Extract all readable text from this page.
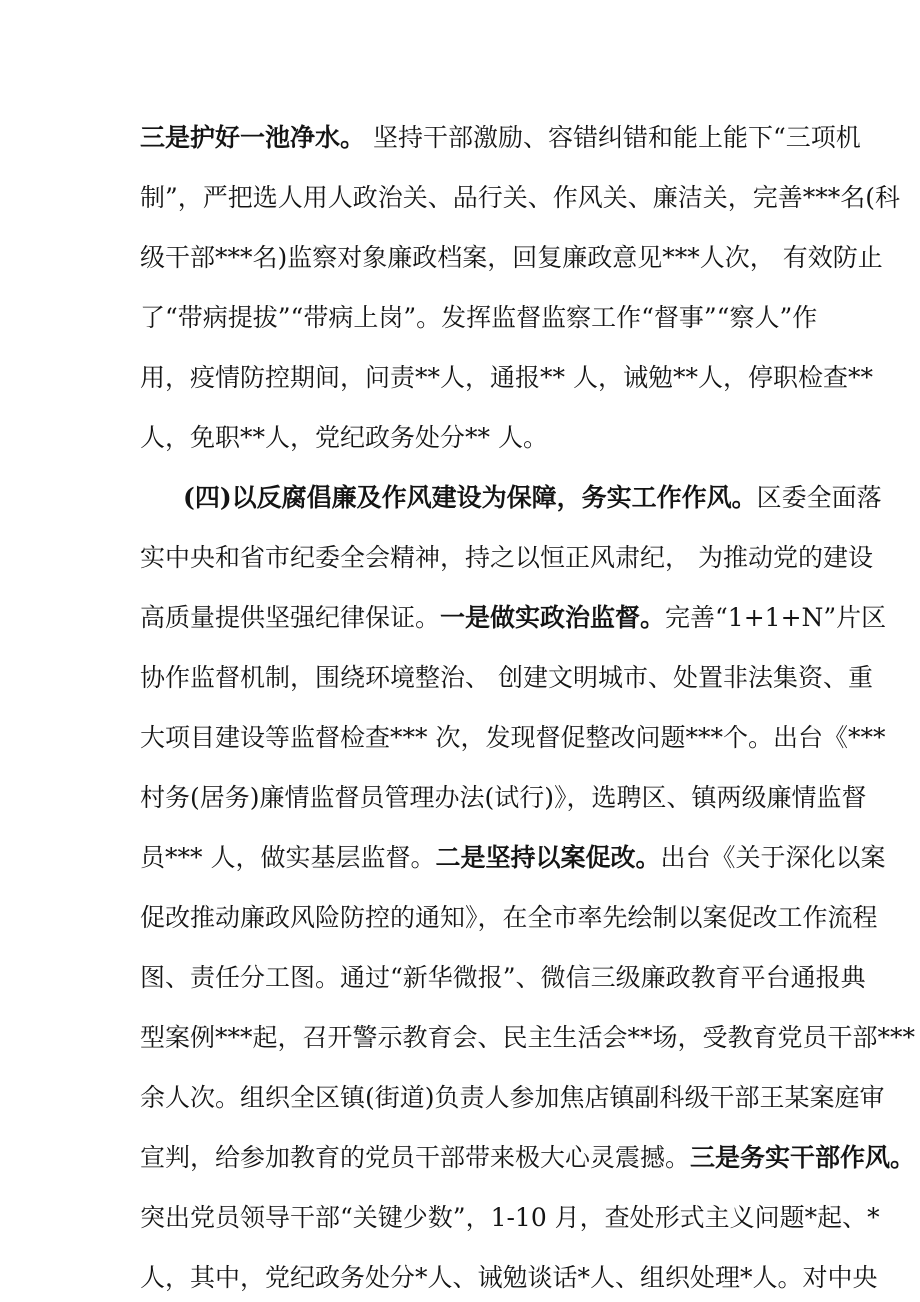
三是护好一池净水。 坚持干部激励、容错纠错和能上能下“三项机
制”，严把选人用人政治关、品行关、作风关、廉洁关，完善***名(科
级干部***名)监察对象廉政档案，回复廉政意见***人次， 有效防止
了“带病提拔”“带病上岗”。发挥监督监察工作“督事”“察人”作
用，疫情防控期间，问责**人，通报** 人，诫勉**人，停职检查**
人，免职**人，党纪政务处分** 人。
(四)以反腐倡廉及作风建设为保障，务实工作作风。区委全面落
实中央和省市纪委全会精神，持之以恒正风肃纪， 为推动党的建设
高质量提供坚强纪律保证。一是做实政治监督。完善“1+1+N”片区
协作监督机制，围绕环境整治、 创建文明城市、处置非法集资、重
大项目建设等监督检查*** 次，发现督促整改问题***个。出台《***
村务(居务)廉情监督员管理办法(试行)》，选聘区、镇两级廉情监督
员*** 人，做实基层监督。二是坚持以案促改。出台《关于深化以案
促改推动廉政风险防控的通知》，在全市率先绘制以案促改工作流程
图、责任分工图。通过“新华微报”、微信三级廉政教育平台通报典
型案例***起，召开警示教育会、民主生活会**场，受教育党员干部***
余人次。组织全区镇(街道)负责人参加焦店镇副科级干部王某案庭审
宣判，给参加教育的党员干部带来极大心灵震撼。三是务实干部作风。
突出党员领导干部“关键少数”，1-10 月，查处形式主义问题*起、*
人，其中，党纪政务处分*人、诫勉谈话*人、组织处理*人。对中央
